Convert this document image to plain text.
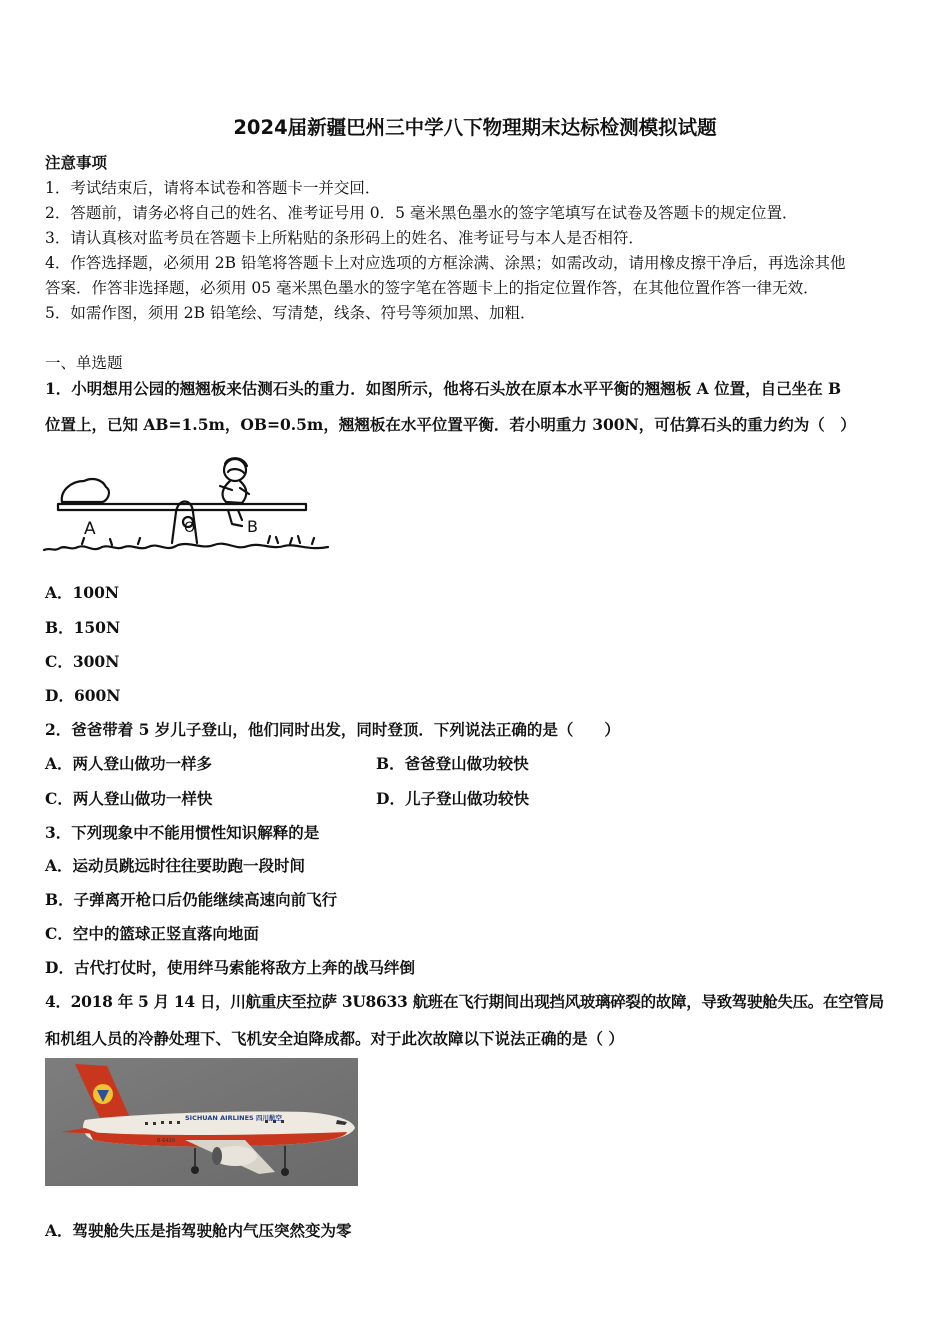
2024届新疆巴州三中学八下物理期末达标检测模拟试题
注意事项
1．考试结束后，请将本试卷和答题卡一并交回．
2．答题前，请务必将自己的姓名、准考证号用 0．5 毫米黑色墨水的签字笔填写在试卷及答题卡的规定位置．
3．请认真核对监考员在答题卡上所粘贴的条形码上的姓名、准考证号与本人是否相符．
4．作答选择题，必须用 2B 铅笔将答题卡上对应选项的方框涂满、涂黑；如需改动，请用橡皮擦干净后，再选涂其他
答案．作答非选择题，必须用 05 毫米黑色墨水的签字笔在答题卡上的指定位置作答，在其他位置作答一律无效．
5．如需作图，须用 2B 铅笔绘、写清楚，线条、符号等须加黑、加粗．
一、单选题
1．小明想用公园的翘翘板来估测石头的重力．如图所示，他将石头放在原本水平平衡的翘翘板 A 位置，自己坐在 B
位置上，已知 AB=1.5m，OB=0.5m，翘翘板在水平位置平衡．若小明重力 300N，可估算石头的重力约为（　）
A	O	B
A．100N
B．150N
C．300N
D．600N
2．爸爸带着 5 岁儿子登山，他们同时出发，同时登顶．下列说法正确的是（　　）
A．两人登山做功一样多	B．爸爸登山做功较快
C．两人登山做功一样快	D．儿子登山做功较快
3．下列现象中不能用惯性知识解释的是
A．运动员跳远时往往要助跑一段时间
B．子弹离开枪口后仍能继续高速向前飞行
C．空中的篮球正竖直落向地面
D．古代打仗时，使用绊马索能将敌方上奔的战马绊倒
4．2018 年 5 月 14 日，川航重庆至拉萨 3U8633 航班在飞行期间出现挡风玻璃碎裂的故障，导致驾驶舱失压。在空管局
和机组人员的冷静处理下、飞机安全迫降成都。对于此次故障以下说法正确的是（ ）
SICHUAN AIRLINES 四川航空
B-6420
A．驾驶舱失压是指驾驶舱内气压突然变为零
